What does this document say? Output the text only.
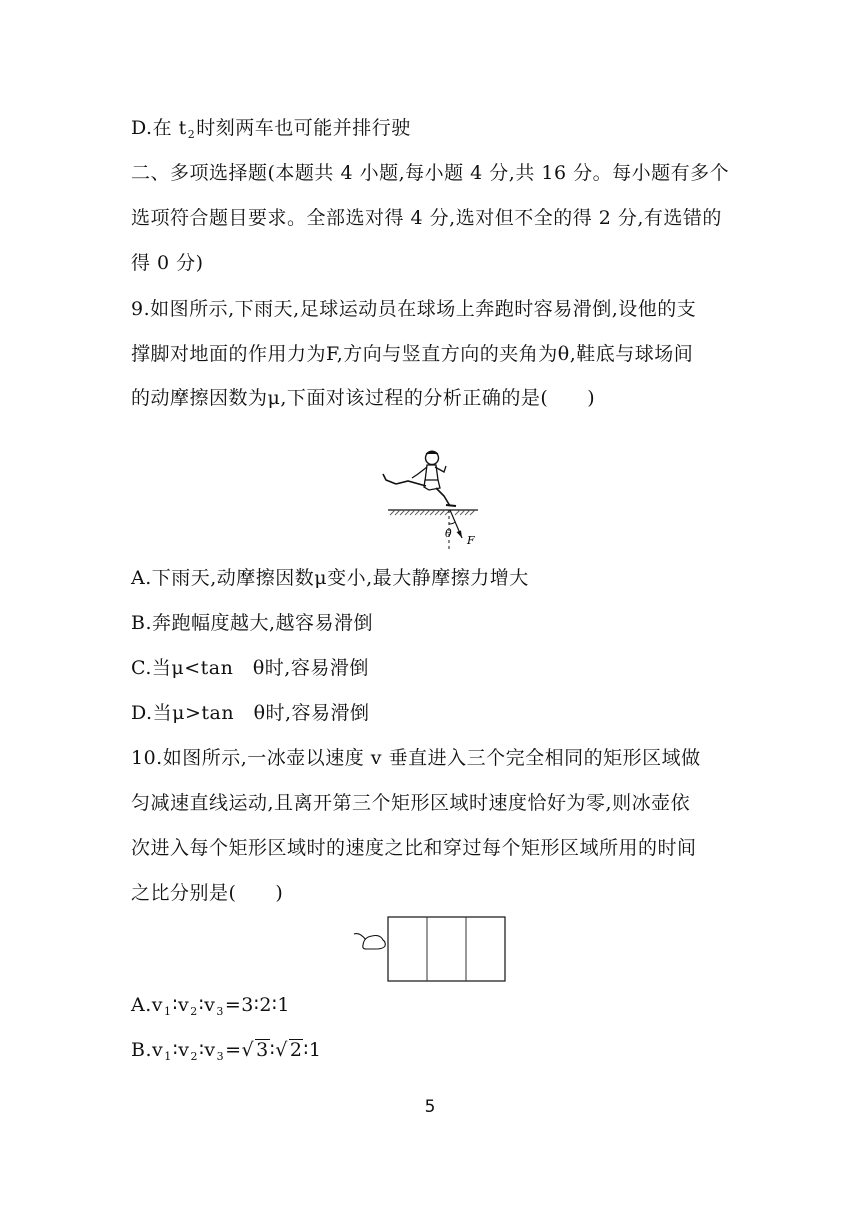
D.在 $t_2$时刻两车也可能并排行驶
二、多项选择题(本题共 4 小题,每小题 4 分,共 16 分。每小题有多个
选项符合题目要求。全部选对得 4 分,选对但不全的得 2 分,有选错的
得 0 分)
9.如图所示,下雨天,足球运动员在球场上奔跑时容易滑倒,设他的支
撑脚对地面的作用力为F,方向与竖直方向的夹角为θ,鞋底与球场间
的动摩擦因数为μ,下面对该过程的分析正确的是(　　)
θ
F
A.下雨天,动摩擦因数μ变小,最大静摩擦力增大
B.奔跑幅度越大,越容易滑倒
C.当μ<tan　θ时,容易滑倒
D.当μ>tan　θ时,容易滑倒
10.如图所示,一冰壶以速度 v 垂直进入三个完全相同的矩形区域做
匀减速直线运动,且离开第三个矩形区域时速度恰好为零,则冰壶依
次进入每个矩形区域时的速度之比和穿过每个矩形区域所用的时间
之比分别是(　　)
$A.v_1∶v_2∶v_3=3∶2∶1$
$B.v_1∶v_2∶v_3=√$ 3∶√ 2∶1
5
